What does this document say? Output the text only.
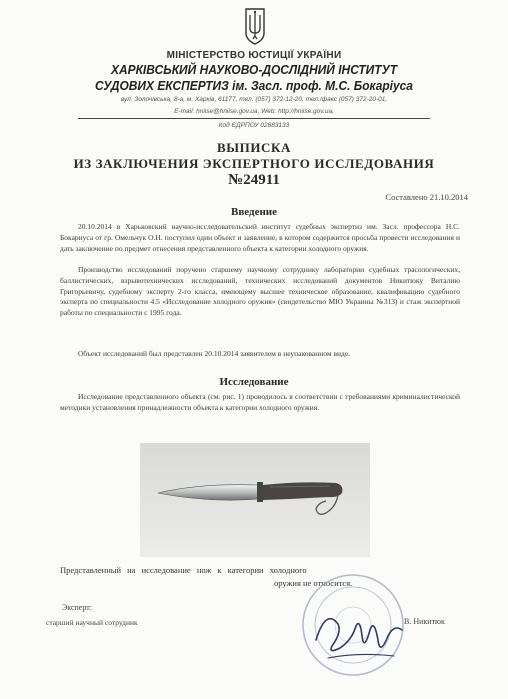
МІНІСТЕРСТВО ЮСТИЦІЇ УКРАЇНИ
ХАРКІВСЬКИЙ НАУКОВО-ДОСЛІДНИЙ ІНСТИТУТ
СУДОВИХ ЕКСПЕРТИЗ ім. Засл. проф. М.С. Бокаріуса
вул. Золочівська, 8-а, м. Харків, 61177, тел. (057) 372-12-20, тел./факс (057) 372-20-01,
E-mail: hniise@hniise.gov.ua, Web: http://hniise.gov.ua,
Код ЄДРПОУ 02883133
ВЫПИСКА
ИЗ ЗАКЛЮЧЕНИЯ ЭКСПЕРТНОГО ИССЛЕДОВАНИЯ
№24911
Составлено 21.10.2014
Введение
20.10.2014 в Харьковский научно-исследовательский институт судебных экспертиз им. Засл. профессора Н.С. Бокариуса от гр. Омельчук О.Н. поступил один объект и заявление, в котором содержится просьба провести исследования и дать заключение по предмет отнесения представленного объекта к категории холодного оружия.
Производство исследований поручено старшему научному сотруднику лаборатории судебных трасологических, баллистических, взрывотехнических исследований, технических исследований документов Никитюку Виталию Григорьевичу, судебному эксперту 2-го класса, имеющему высшее техническое образование, квалификацию судебного эксперта по специальности 4.5 «Исследование холодного оружия» (свидетельство МЮ Украины №313) и стаж экспертной работы по специальности с 1995 года.
Объект исследований был представлен 20.10.2014 заявителем в неупакованном виде.
Исследование
Исследование представленного объекта (см. рис. 1) проводилось в соответствии с требованиями криминалистической методики установления принадлежности объекта к категории холодного оружия.
Представленный на исследование нож к категории холодного
оружия не относится.
Эксперт:
старший научный сотрудник	В. Никитюк
